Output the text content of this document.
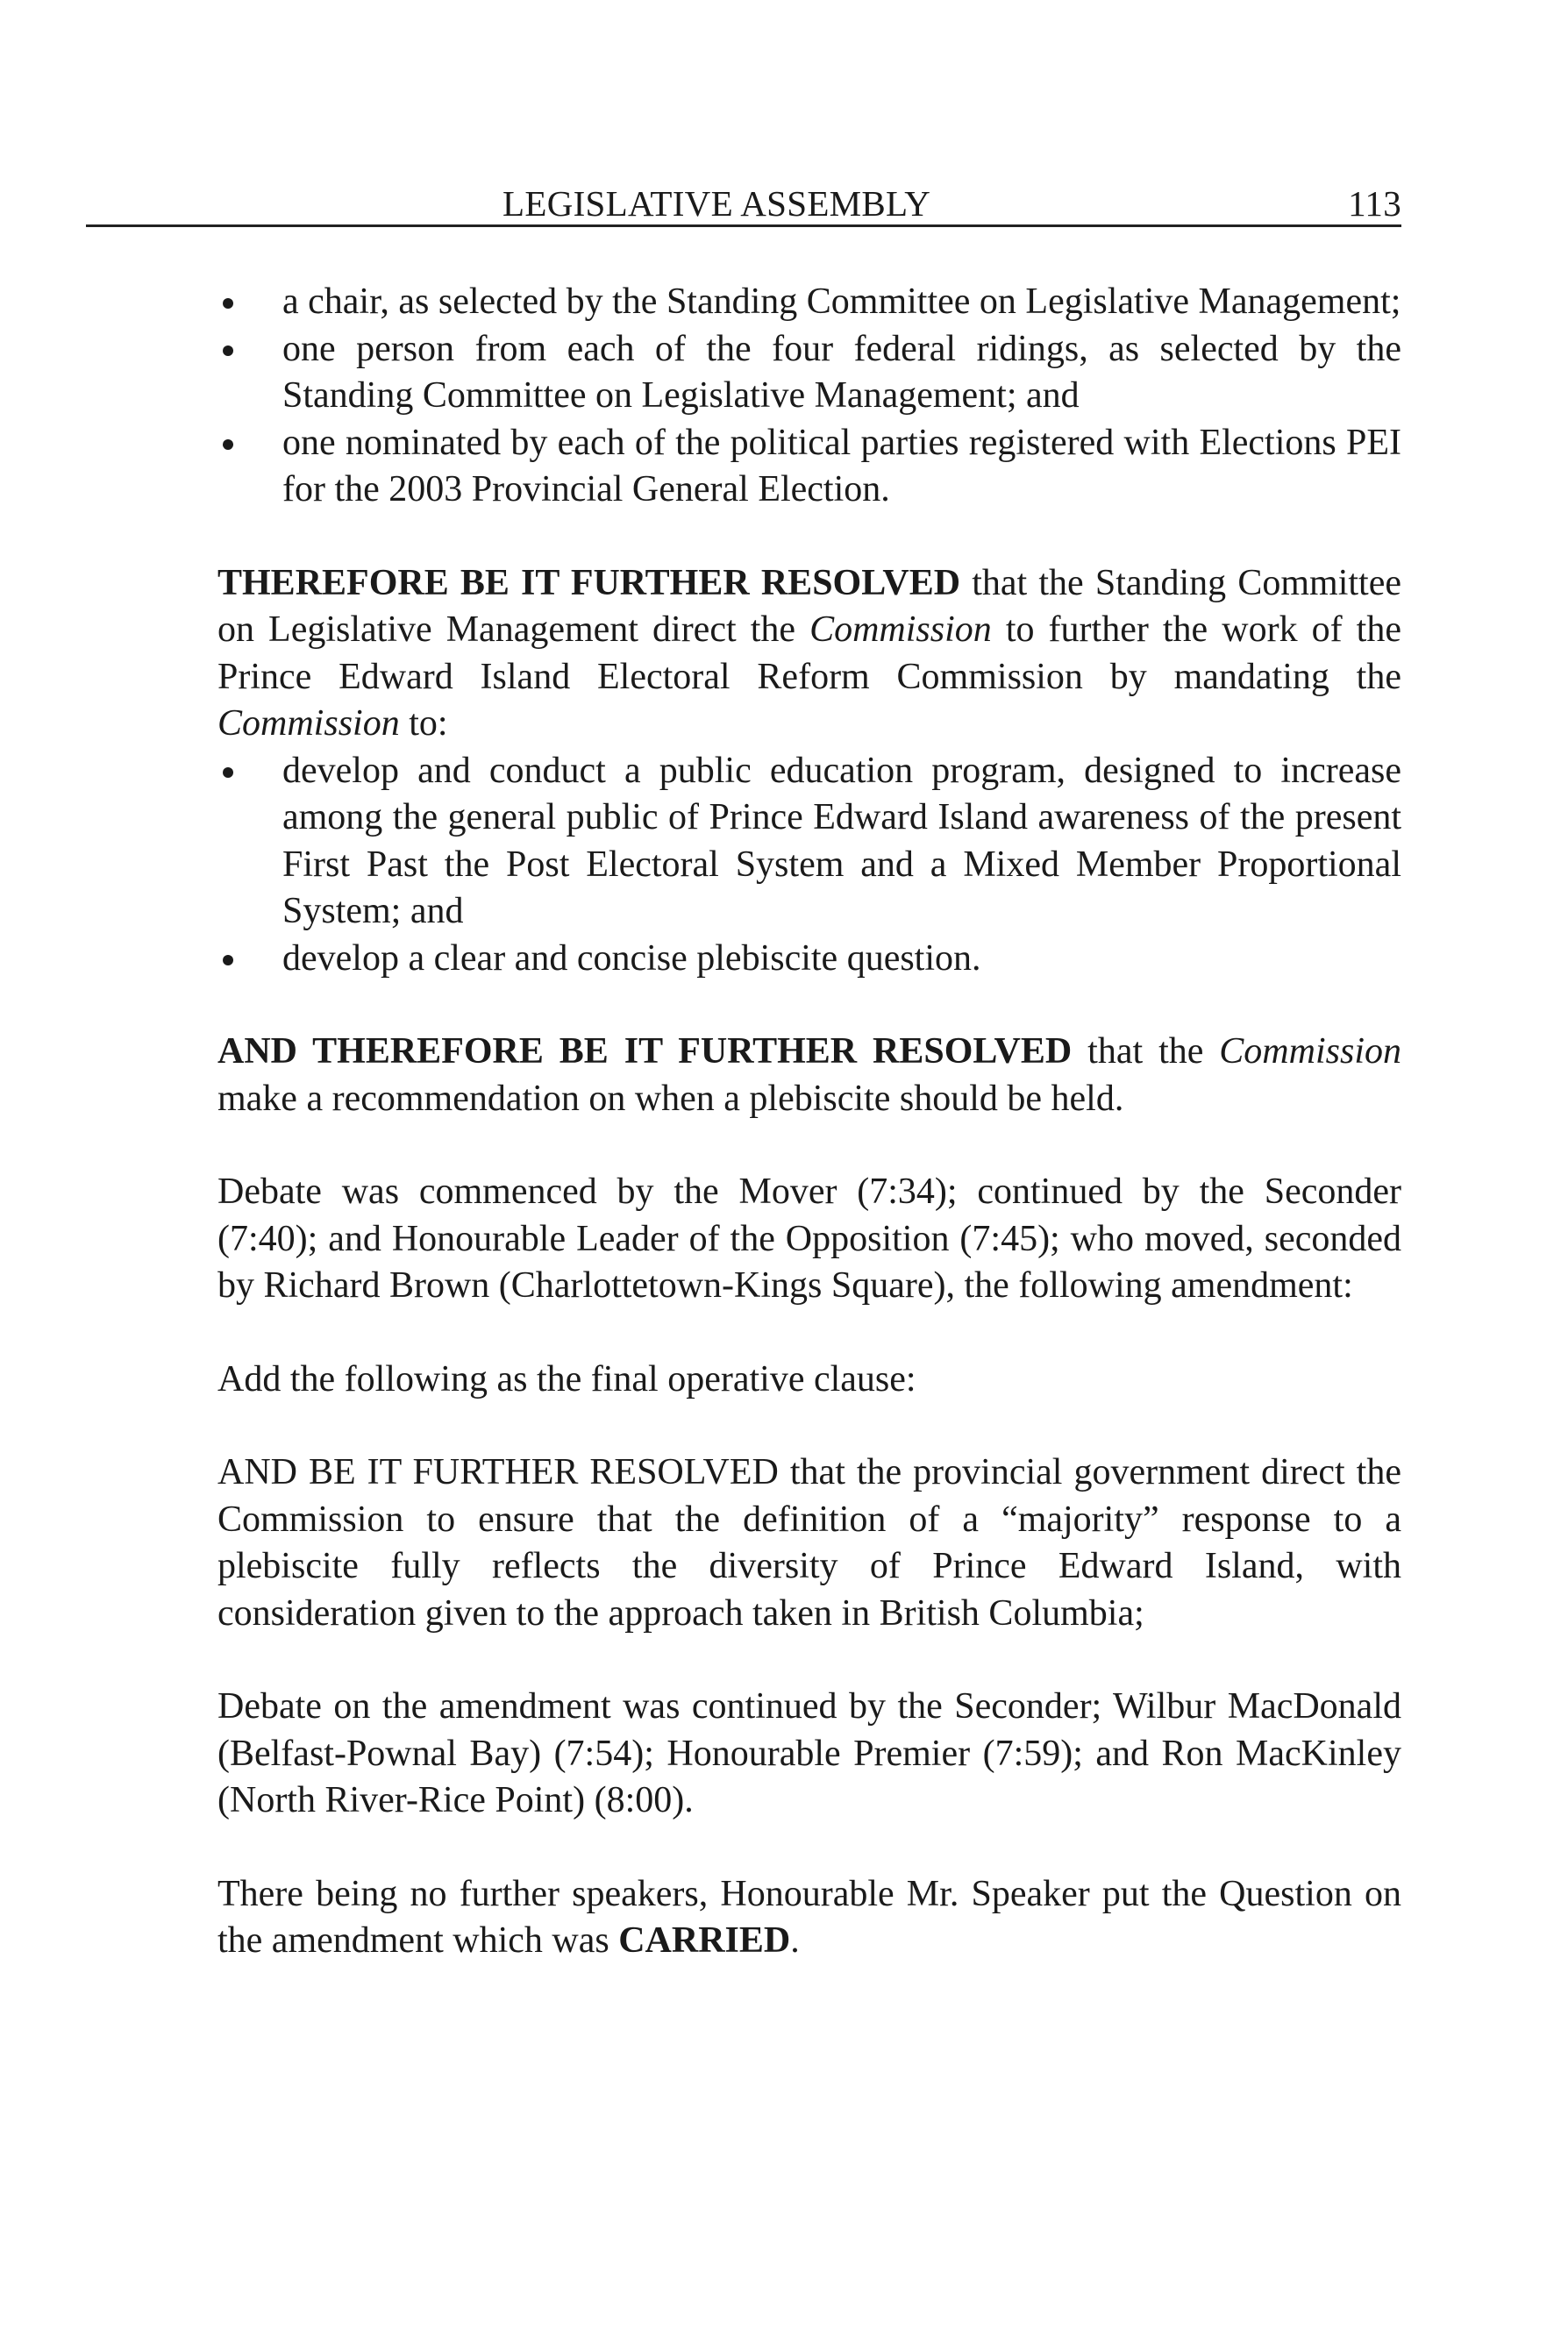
LEGISLATIVE ASSEMBLY	113
a chair, as selected by the Standing Committee on Legislative Management;
one person from each of the four federal ridings, as selected by the Standing Committee on Legislative Management; and
one nominated by each of the political parties registered with Elections PEI for the 2003 Provincial General Election.

THEREFORE BE IT FURTHER RESOLVED that the Standing Committee on Legislative Management direct the Commission to further the work of the Prince Edward Island Electoral Reform Commission by mandating the Commission to:

develop and conduct a public education program, designed to increase among the general public of Prince Edward Island awareness of the present First Past the Post Electoral System and a Mixed Member Proportional System; and
develop a clear and concise plebiscite question.

AND THEREFORE BE IT FURTHER RESOLVED that the Commission make a recommendation on when a plebiscite should be held.

Debate was commenced by the Mover (7:34); continued by the Seconder (7:40); and Honourable Leader of the Opposition (7:45); who moved, seconded by Richard Brown (Charlottetown-Kings Square), the following amendment:

Add the following as the final operative clause:

AND BE IT FURTHER RESOLVED that the provincial government direct the Commission to ensure that the definition of a “majority” response to a plebiscite fully reflects the diversity of Prince Edward Island, with consideration given to the approach taken in British Columbia;

Debate on the amendment was continued by the Seconder; Wilbur MacDonald (Belfast-Pownal Bay) (7:54); Honourable Premier (7:59); and Ron MacKinley (North River-Rice Point) (8:00).

There being no further speakers, Honourable Mr. Speaker put the Question on the amendment which was CARRIED.
